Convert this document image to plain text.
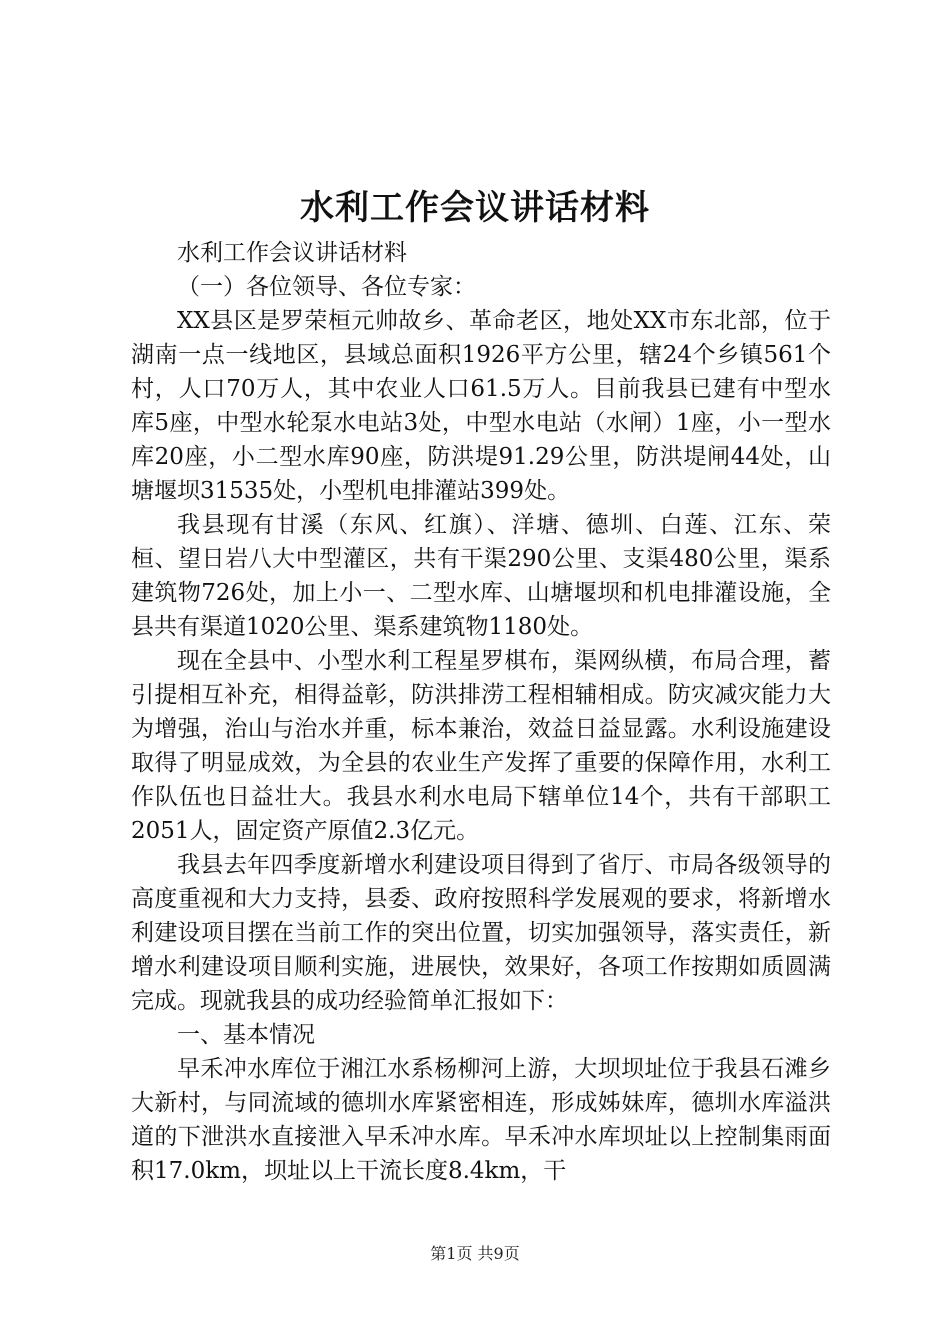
水利工作会议讲话材料

水利工作会议讲话材料

（一）各位领导、各位专家：

XX县区是罗荣桓元帅故乡、革命老区，地处XX市东北部，位于湖南一点一线地区，县域总面积1926平方公里，辖24个乡镇561个村，人口70万人，其中农业人口61.5万人。目前我县已建有中型水库5座，中型水轮泵水电站3处，中型水电站（水闸）1座，小一型水库20座，小二型水库90座，防洪堤91.29公里，防洪堤闸44处，山塘堰坝31535处，小型机电排灌站399处。

我县现有甘溪（东风、红旗）、洋塘、德圳、白莲、江东、荣桓、望日岩八大中型灌区，共有干渠290公里、支渠480公里，渠系建筑物726处，加上小一、二型水库、山塘堰坝和机电排灌设施，全县共有渠道1020公里、渠系建筑物1180处。

现在全县中、小型水利工程星罗棋布，渠网纵横，布局合理，蓄引提相互补充，相得益彰，防洪排涝工程相辅相成。防灾减灾能力大为增强，治山与治水并重，标本兼治，效益日益显露。水利设施建设取得了明显成效，为全县的农业生产发挥了重要的保障作用，水利工作队伍也日益壮大。我县水利水电局下辖单位14个，共有干部职工2051人，固定资产原值2.3亿元。

我县去年四季度新增水利建设项目得到了省厅、市局各级领导的高度重视和大力支持，县委、政府按照科学发展观的要求，将新增水利建设项目摆在当前工作的突出位置，切实加强领导，落实责任，新增水利建设项目顺利实施，进展快，效果好，各项工作按期如质圆满完成。现就我县的成功经验简单汇报如下：

一、基本情况

早禾冲水库位于湘江水系杨柳河上游，大坝坝址位于我县石滩乡大新村，与同流域的德圳水库紧密相连，形成姊妹库，德圳水库溢洪道的下泄洪水直接泄入早禾冲水库。早禾冲水库坝址以上控制集雨面积17.0km，坝址以上干流长度8.4km，干

第1页 共9页
